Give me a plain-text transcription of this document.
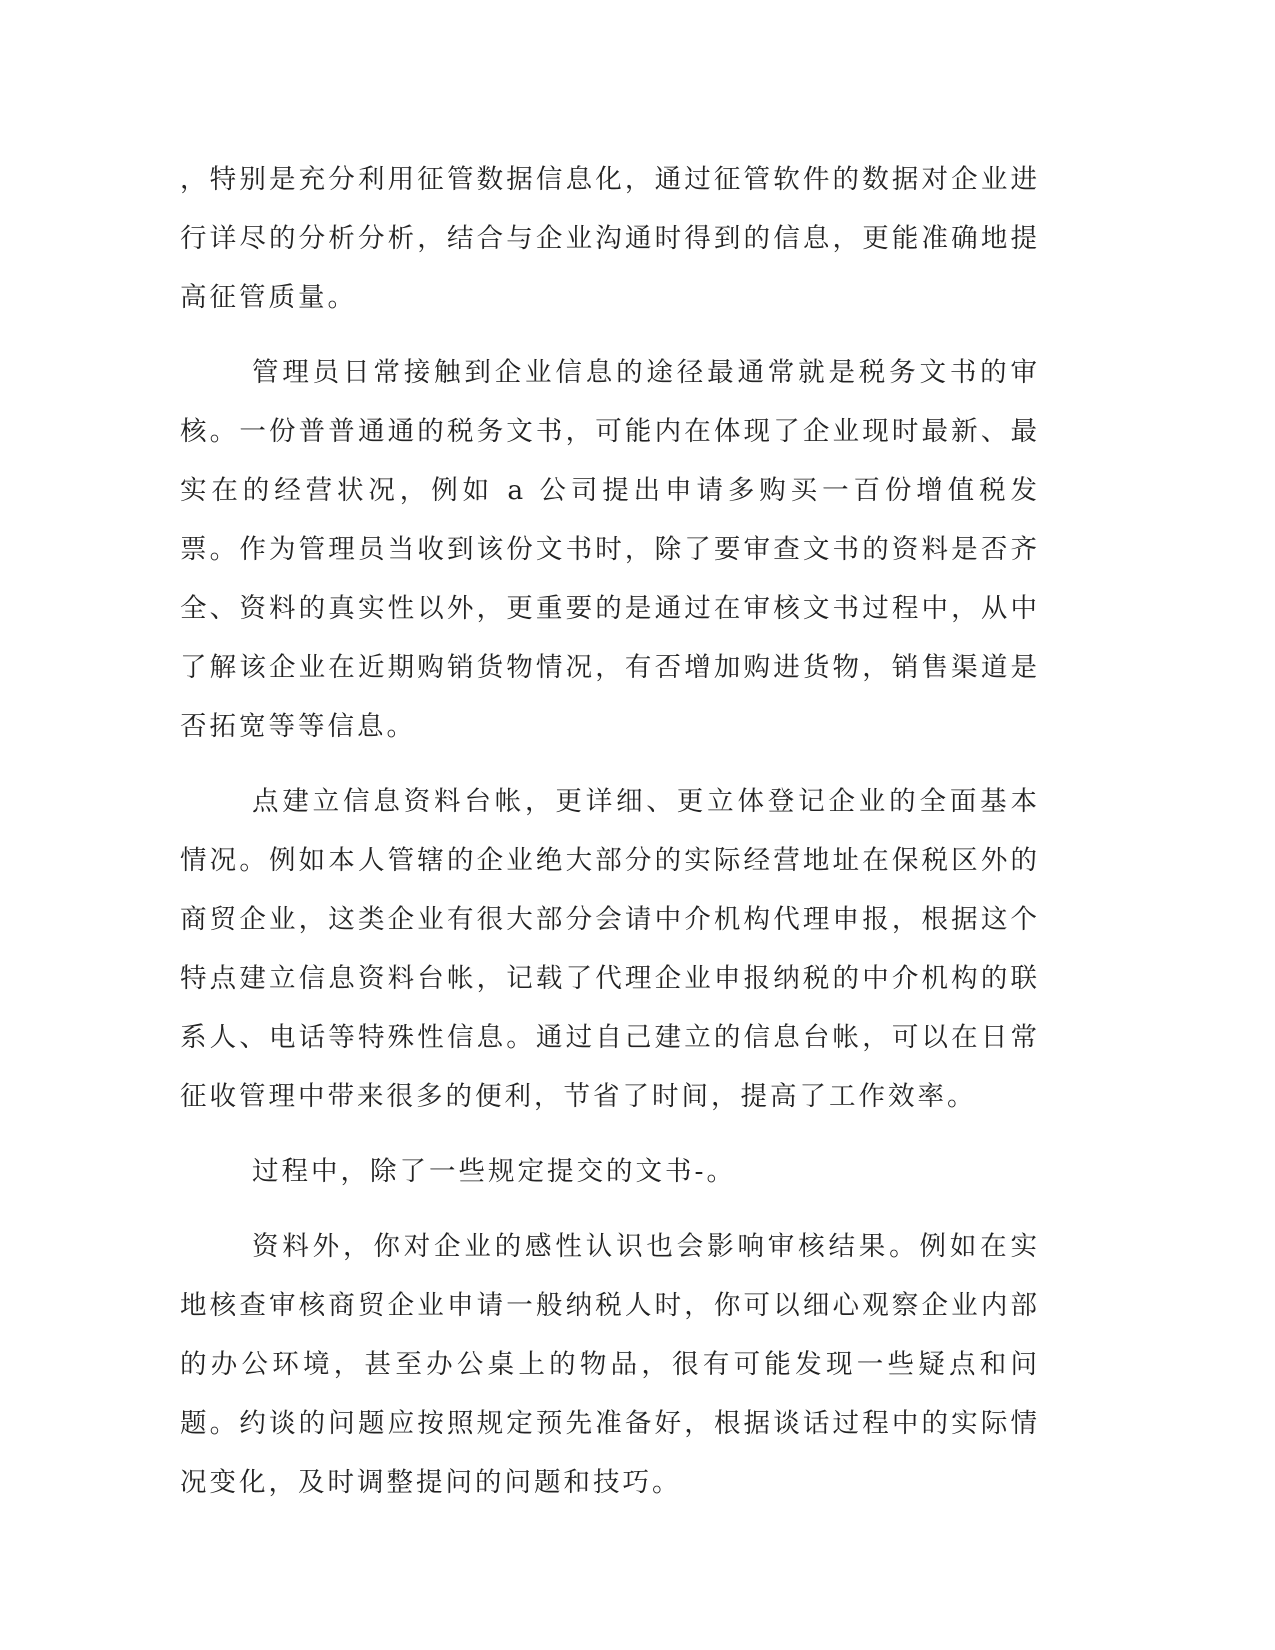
，特别是充分利用征管数据信息化，通过征管软件的数据对企业进行详尽的分析分析，结合与企业沟通时得到的信息，更能准确地提高征管质量。

管理员日常接触到企业信息的途径最通常就是税务文书的审核。一份普普通通的税务文书，可能内在体现了企业现时最新、最实在的经营状况，例如 a 公司提出申请多购买一百份增值税发票。作为管理员当收到该份文书时，除了要审查文书的资料是否齐全、资料的真实性以外，更重要的是通过在审核文书过程中，从中了解该企业在近期购销货物情况，有否增加购进货物，销售渠道是否拓宽等等信息。

点建立信息资料台帐，更详细、更立体登记企业的全面基本情况。例如本人管辖的企业绝大部分的实际经营地址在保税区外的商贸企业，这类企业有很大部分会请中介机构代理申报，根据这个特点建立信息资料台帐，记载了代理企业申报纳税的中介机构的联系人、电话等特殊性信息。通过自己建立的信息台帐，可以在日常征收管理中带来很多的便利，节省了时间，提高了工作效率。

过程中，除了一些规定提交的文书-。

资料外，你对企业的感性认识也会影响审核结果。例如在实地核查审核商贸企业申请一般纳税人时，你可以细心观察企业内部的办公环境，甚至办公桌上的物品，很有可能发现一些疑点和问题。约谈的问题应按照规定预先准备好，根据谈话过程中的实际情况变化，及时调整提问的问题和技巧。
